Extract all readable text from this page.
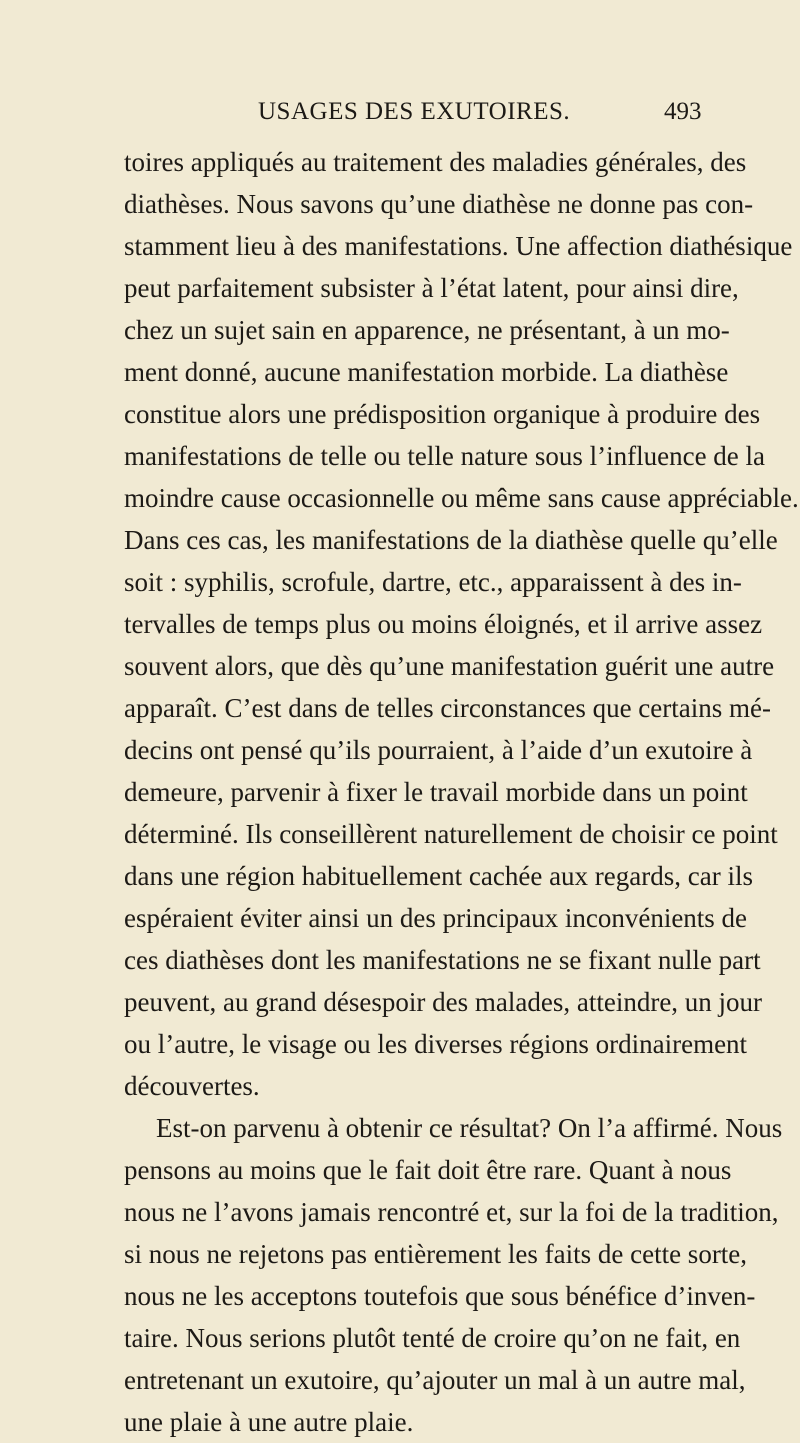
USAGES DES EXUTOIRES.	493
toires appliqués au traitement des maladies générales, des
diathèses. Nous savons qu’une diathèse ne donne pas con-
stamment lieu à des manifestations. Une affection diathésique
peut parfaitement subsister à l’état latent, pour ainsi dire,
chez un sujet sain en apparence, ne présentant, à un mo-
ment donné, aucune manifestation morbide. La diathèse
constitue alors une prédisposition organique à produire des
manifestations de telle ou telle nature sous l’influence de la
moindre cause occasionnelle ou même sans cause appréciable.
Dans ces cas, les manifestations de la diathèse quelle qu’elle
soit : syphilis, scrofule, dartre, etc., apparaissent à des in-
tervalles de temps plus ou moins éloignés, et il arrive assez
souvent alors, que dès qu’une manifestation guérit une autre
apparaît. C’est dans de telles circonstances que certains mé-
decins ont pensé qu’ils pourraient, à l’aide d’un exutoire à
demeure, parvenir à fixer le travail morbide dans un point
déterminé. Ils conseillèrent naturellement de choisir ce point
dans une région habituellement cachée aux regards, car ils
espéraient éviter ainsi un des principaux inconvénients de
ces diathèses dont les manifestations ne se fixant nulle part
peuvent, au grand désespoir des malades, atteindre, un jour
ou l’autre, le visage ou les diverses régions ordinairement
découvertes.
Est-on parvenu à obtenir ce résultat? On l’a affirmé. Nous
pensons au moins que le fait doit être rare. Quant à nous
nous ne l’avons jamais rencontré et, sur la foi de la tradition,
si nous ne rejetons pas entièrement les faits de cette sorte,
nous ne les acceptons toutefois que sous bénéfice d’inven-
taire. Nous serions plutôt tenté de croire qu’on ne fait, en
entretenant un exutoire, qu’ajouter un mal à un autre mal,
une plaie à une autre plaie.
